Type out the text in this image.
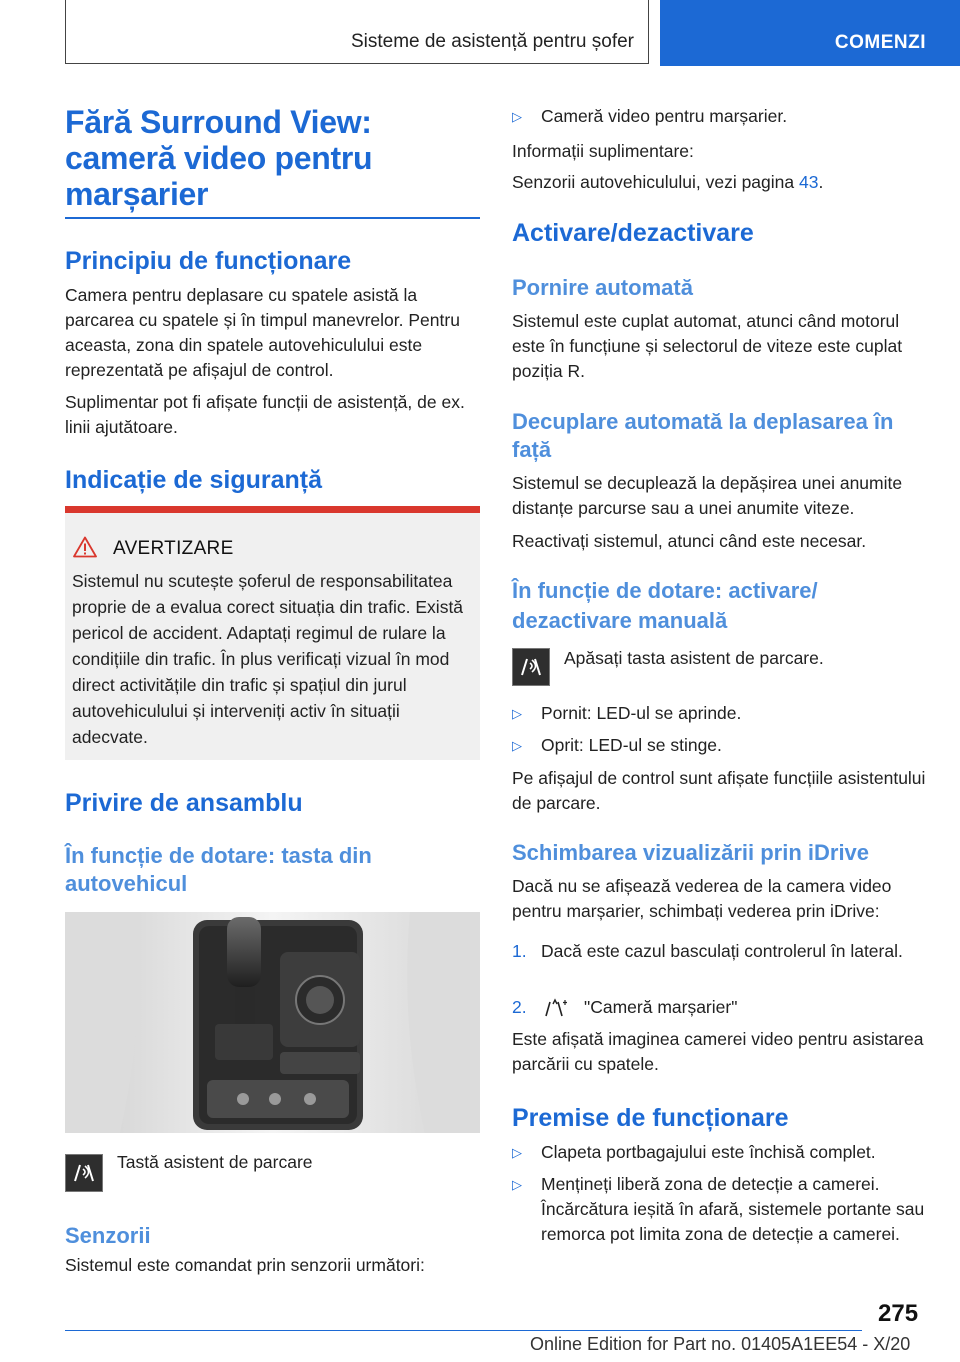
Sisteme de asistență pentru șofer	COMENZI
Fără Surround View: cameră video pentru marșarier
Principiu de funcționare

Camera pentru deplasare cu spatele asistă la parcarea cu spatele și în timpul manevrelor. Pentru aceasta, zona din spatele autovehiculului este reprezentată pe afișajul de control.

Suplimentar pot fi afișate funcții de asistență, de ex. linii ajutătoare.

Indicație de siguranță
AVERTIZARE
Sistemul nu scutește șoferul de responsabilitatea proprie de a evalua corect situația din trafic. Există pericol de accident. Adaptați regimul de rulare la condițiile din trafic. În plus verificați vizual în mod direct activitățile din trafic și spațiul din jurul autovehiculului și interveniți activ în situații adecvate.
Privire de ansamblu
În funcție de dotare: tasta din autovehicul

Tastă asistent de parcare

Senzorii

Sistemul este comandat prin senzorii următori:

▷ Cameră video pentru marșarier.

Informații suplimentare:

Senzorii autovehiculului, vezi pagina 43.

Activare/dezactivare
Pornire automată

Sistemul este cuplat automat, atunci când motorul este în funcțiune și selectorul de viteze este cuplat poziția R.

Decuplare automată la deplasarea în față

Sistemul se decuplează la depășirea unei anumite distanțe parcurse sau a unei anumite viteze.

Reactivați sistemul, atunci când este necesar.

În funcție de dotare: activare/ dezactivare manuală

Apăsați tasta asistent de parcare.

▷ Pornit: LED-ul se aprinde.
▷ Oprit: LED-ul se stinge.

Pe afișajul de control sunt afișate funcțiile asistentului de parcare.

Schimbarea vizualizării prin iDrive

Dacă nu se afișează vederea de la camera video pentru marșarier, schimbați vederea prin iDrive:

1. Dacă este cazul basculați controlerul în lateral.
2.	"Cameră marșarier"

Este afișată imaginea camerei video pentru asistarea parcării cu spatele.

Premise de funcționare
▷ Clapeta portbagajului este închisă complet.
▷ Mențineți liberă zona de detecție a camerei. Încărcătura ieșită în afară, sistemele portante sau remorca pot limita zona de detecție a camerei.
275
Online Edition for Part no. 01405A1EE54 - X/20
